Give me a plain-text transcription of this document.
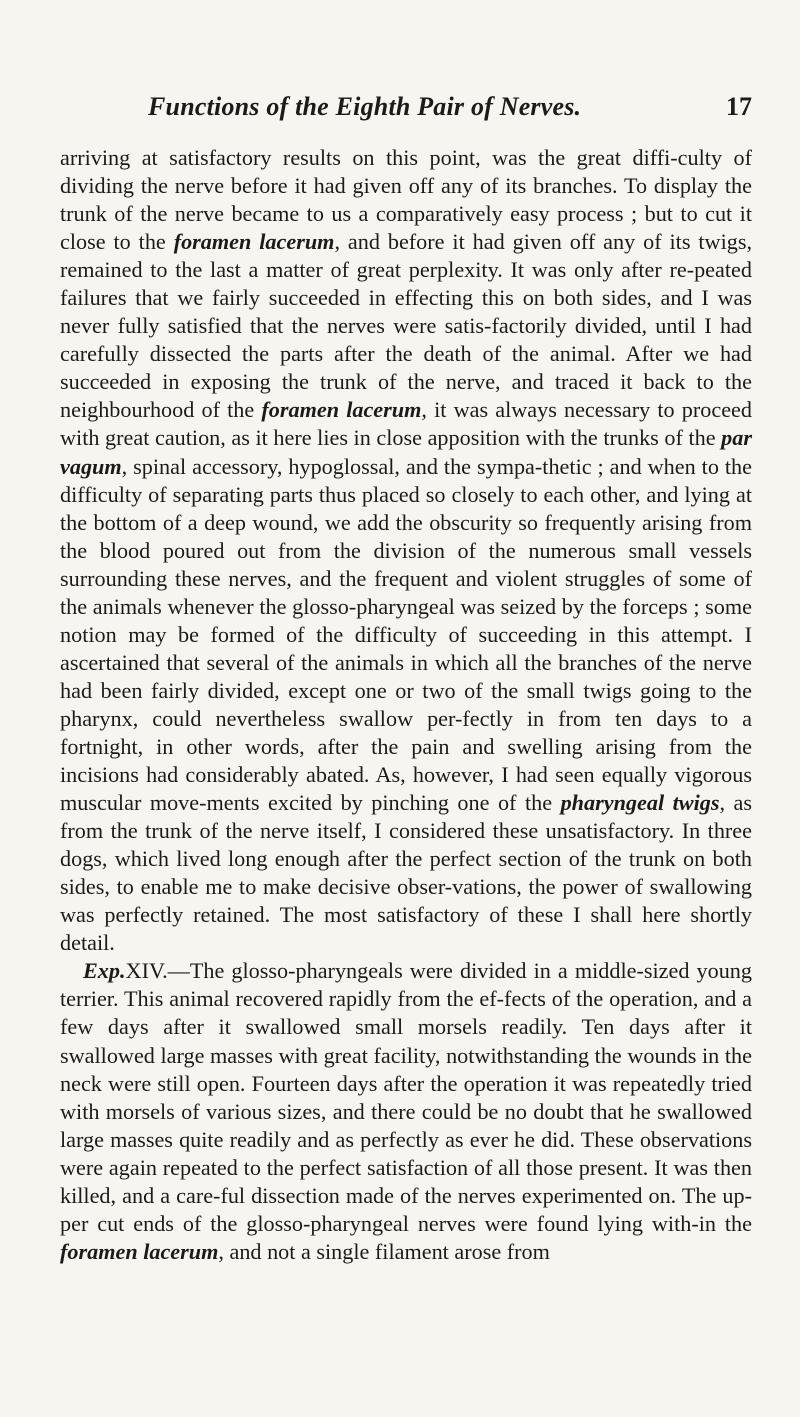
Functions of the Eighth Pair of Nerves.	17

arriving at satisfactory results on this point, was the great diffi-culty of dividing the nerve before it had given off any of its branches. To display the trunk of the nerve became to us a comparatively easy process ; but to cut it close to the foramen lacerum, and before it had given off any of its twigs, remained to the last a matter of great perplexity. It was only after re-peated failures that we fairly succeeded in effecting this on both sides, and I was never fully satisfied that the nerves were satis-factorily divided, until I had carefully dissected the parts after the death of the animal. After we had succeeded in exposing the trunk of the nerve, and traced it back to the neighbourhood of the foramen lacerum, it was always necessary to proceed with great caution, as it here lies in close apposition with the trunks of the par vagum, spinal accessory, hypoglossal, and the sympa-thetic ; and when to the difficulty of separating parts thus placed so closely to each other, and lying at the bottom of a deep wound, we add the obscurity so frequently arising from the blood poured out from the division of the numerous small vessels surrounding these nerves, and the frequent and violent struggles of some of the animals whenever the glosso-pharyngeal was seized by the forceps ; some notion may be formed of the difficulty of succeeding in this attempt. I ascertained that several of the animals in which all the branches of the nerve had been fairly divided, except one or two of the small twigs going to the pharynx, could nevertheless swallow per-fectly in from ten days to a fortnight, in other words, after the pain and swelling arising from the incisions had considerably abated. As, however, I had seen equally vigorous muscular move-ments excited by pinching one of the pharyngeal twigs, as from the trunk of the nerve itself, I considered these unsatisfactory. In three dogs, which lived long enough after the perfect section of the trunk on both sides, to enable me to make decisive obser-vations, the power of swallowing was perfectly retained. The most satisfactory of these I shall here shortly detail.

Exp.XIV.—The glosso-pharyngeals were divided in a middle-sized young terrier. This animal recovered rapidly from the ef-fects of the operation, and a few days after it swallowed small morsels readily. Ten days after it swallowed large masses with great facility, notwithstanding the wounds in the neck were still open. Fourteen days after the operation it was repeatedly tried with morsels of various sizes, and there could be no doubt that he swallowed large masses quite readily and as perfectly as ever he did. These observations were again repeated to the perfect satisfaction of all those present. It was then killed, and a care-ful dissection made of the nerves experimented on. The up-per cut ends of the glosso-pharyngeal nerves were found lying with-in the foramen lacerum, and not a single filament arose from
